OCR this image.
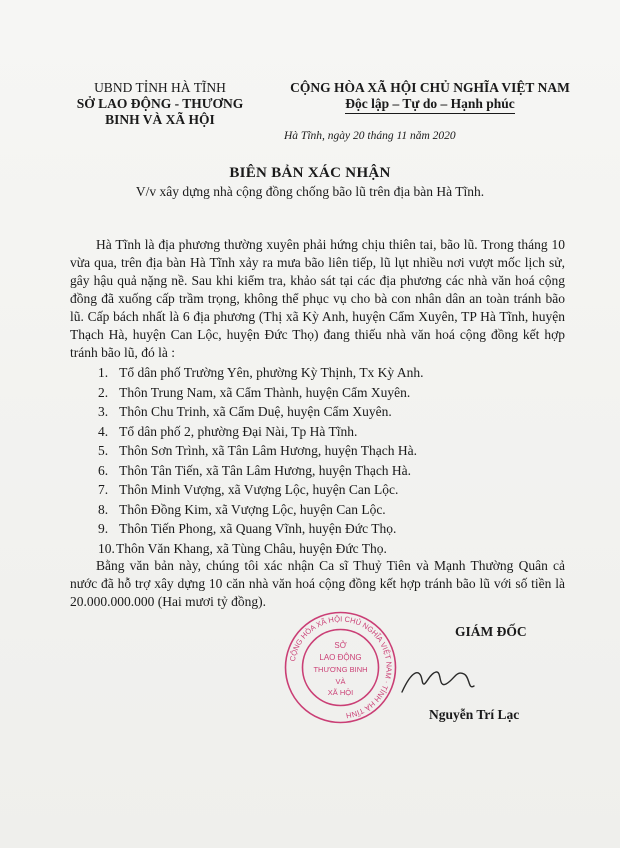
UBND TỈNH HÀ TĨNH
SỞ LAO ĐỘNG - THƯƠNG
BINH VÀ XÃ HỘI
CỘNG HÒA XÃ HỘI CHỦ NGHĨA VIỆT NAM
Độc lập – Tự do – Hạnh phúc
Hà Tĩnh, ngày 20 tháng 11 năm 2020
BIÊN BẢN XÁC NHẬN
V/v xây dựng nhà cộng đồng chống bão lũ trên địa bàn Hà Tĩnh.
Hà Tĩnh là địa phương thường xuyên phải hứng chịu thiên tai, bão lũ. Trong tháng 10 vừa qua, trên địa bàn Hà Tĩnh xảy ra mưa bão liên tiếp, lũ lụt nhiều nơi vượt mốc lịch sử, gây hậu quả nặng nề. Sau khi kiểm tra, khảo sát tại các địa phương các nhà văn hoá cộng đồng đã xuống cấp trầm trọng, không thể phục vụ cho bà con nhân dân an toàn tránh bão lũ. Cấp bách nhất là 6 địa phương (Thị xã Kỳ Anh, huyện Cẩm Xuyên, TP Hà Tĩnh, huyện Thạch Hà, huyện Can Lộc, huyện Đức Thọ) đang thiếu nhà văn hoá cộng đồng kết hợp tránh bão lũ, đó là :
1. Tổ dân phố Trường Yên, phường Kỳ Thịnh, Tx Kỳ Anh.
2. Thôn Trung Nam, xã Cẩm Thành, huyện Cẩm Xuyên.
3. Thôn Chu Trinh, xã Cẩm Duệ, huyện Cẩm Xuyên.
4. Tổ dân phố 2, phường Đại Nài, Tp Hà Tĩnh.
5. Thôn Sơn Trình, xã Tân Lâm Hương, huyện Thạch Hà.
6. Thôn Tân Tiến, xã Tân Lâm Hương, huyện Thạch Hà.
7. Thôn Minh Vượng, xã Vượng Lộc, huyện Can Lộc.
8. Thôn Đồng Kim, xã Vượng Lộc, huyện Can Lộc.
9. Thôn Tiến Phong, xã Quang Vĩnh, huyện Đức Thọ.
10.Thôn Văn Khang, xã Tùng Châu, huyện Đức Thọ.
Bằng văn bản này, chúng tôi xác nhận Ca sĩ Thuỷ Tiên và Mạnh Thường Quân cả nước đã hỗ trợ xây dựng 10 căn nhà văn hoá cộng đồng kết hợp tránh bão lũ với số tiền là 20.000.000.000 (Hai mươi tỷ đồng).
CỘNG HÒA XÃ HỘI CHỦ NGHĨA VIỆT NAM · TỈNH HÀ TĨNH
SỞ
LAO ĐỘNG
THƯƠNG BINH
VÀ
XÃ HỘI
GIÁM ĐỐC
Nguyễn Trí Lạc
